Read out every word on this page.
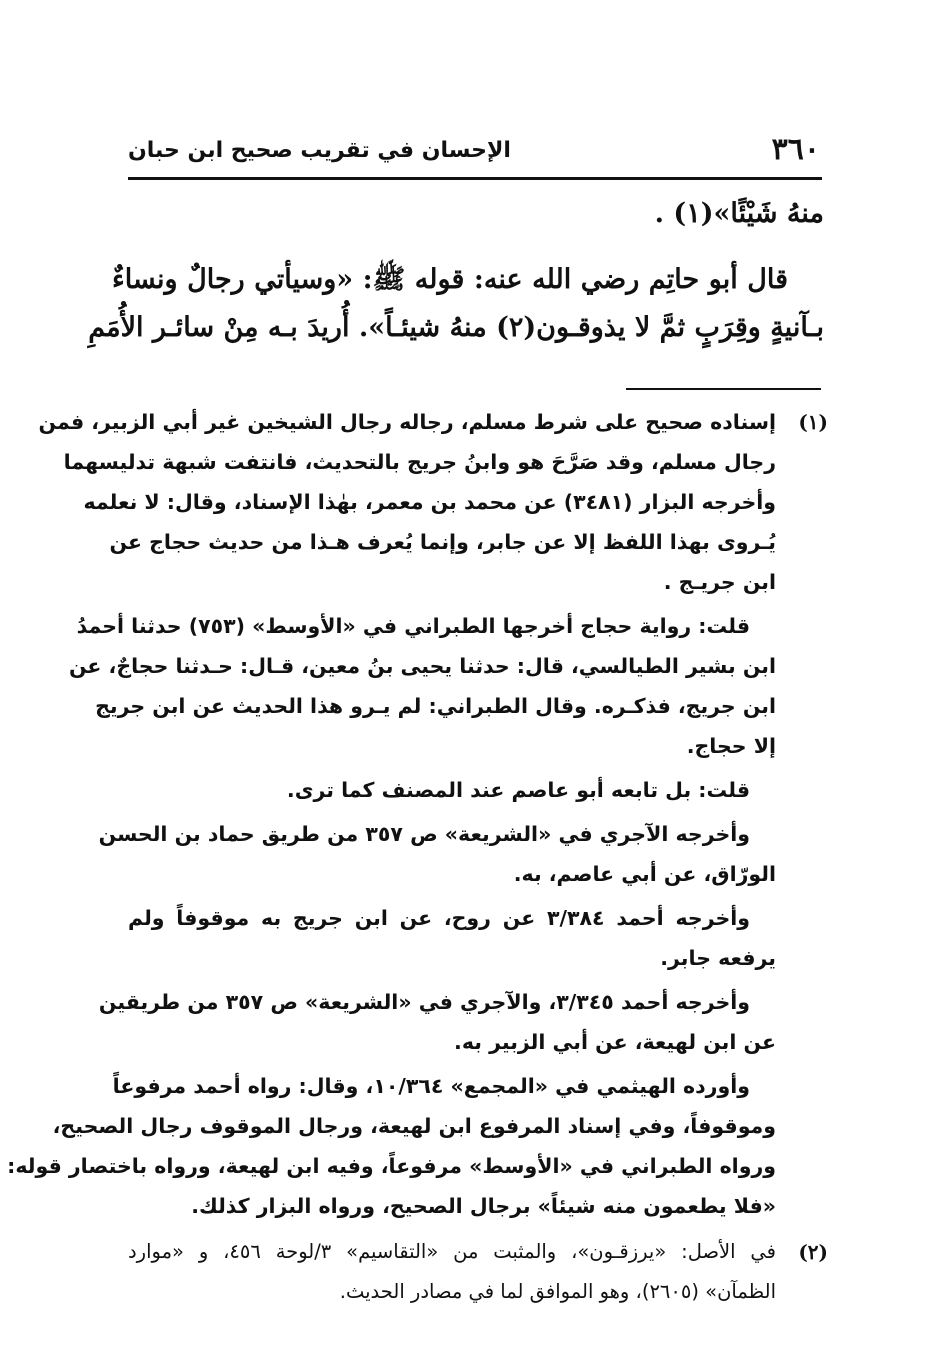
٣٦٠
الإحسان في تقريب صحيح ابن حبان
منهُ شَيْئًا»(١) .
قال أبو حاتِم رضي الله عنه: قوله ﷺ: «وسيأتي رجالٌ ونساءٌ
بـآنيةٍ وقِرَبٍ ثمَّ لا يذوقـون(٢) منهُ شيئـاً». أُريدَ بـه مِنْ سائـر الأُمَمِ
(١)
إسناده صحيح على شرط مسلم، رجاله رجال الشيخين غير أبي الزبير، فمن
رجال مسلم، وقد صَرَّحَ هو وابنُ جريج بالتحديث، فانتفت شبهة تدليسهما
وأخرجه البزار (٣٤٨١) عن محمد بن معمر، بهٰذا الإسناد، وقال: لا نعلمه
يُـروى بهذا اللفظ إلا عن جابر، وإنما يُعرف هـذا من حديث حجاج عن
ابن جريـج .
قلت: رواية حجاج أخرجها الطبراني في «الأوسط» (٧٥٣) حدثنا أحمدُ
ابن بشير الطيالسي، قال: حدثنا يحيى بنُ معين، قـال: حـدثنا حجاجٌ، عن
ابن جريج، فذكـره. وقال الطبراني: لم يـرو هذا الحديث عن ابن جريج
إلا حجاج.
قلت: بل تابعه أبو عاصم عند المصنف كما ترى.
وأخرجه الآجري في «الشريعة» ص ٣٥٧ من طريق حماد بن الحسن
الورّاق، عن أبي عاصم، به.
وأخرجه أحمد ٣/٣٨٤ عن روح، عن ابن جريج به موقوفاً ولم
يرفعه جابر.
وأخرجه أحمد ٣/٣٤٥، والآجري في «الشريعة» ص ٣٥٧ من طريقين
عن ابن لهيعة، عن أبي الزبير به.
وأورده الهيثمي في «المجمع» ١٠/٣٦٤، وقال: رواه أحمد مرفوعاً
وموقوفاً، وفي إسناد المرفوع ابن لهيعة، ورجال الموقوف رجال الصحيح،
ورواه الطبراني في «الأوسط» مرفوعاً، وفيه ابن لهيعة، ورواه باختصار قوله:
«فلا يطعمون منه شيئاً» برجال الصحيح، ورواه البزار كذلك.
(٢)
في الأصل: «يرزقـون»، والمثبت من «التقاسيم» ٣/لوحة ٤٥٦، و «موارد
الظمآن» (٢٦٠٥)، وهو الموافق لما في مصادر الحديث.
